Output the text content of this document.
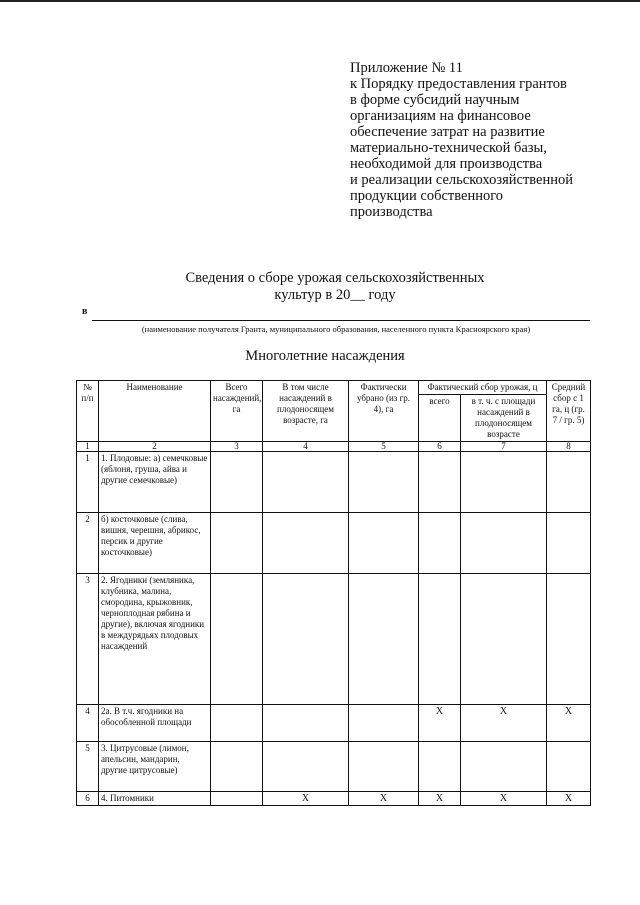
Приложение № 11
к Порядку предоставления грантов
в форме субсидий научным
организациям на финансовое
обеспечение затрат на развитие
материально-технической базы,
необходимой для производства
и реализации сельскохозяйственной
продукции собственного
производства
Сведения о сборе урожая сельскохозяйственных
культур в 20__ году
в
(наименование получателя Гранта, муниципального образования, населенного пункта Красноярского края)
Многолетние насаждения
№ п/п	Наименование	Всего насаждений, га	В том числе насаждений в плодоносящем возрасте, га	Фактически убрано (из гр. 4), га	Фактический сбор урожая, ц		Средний сбор с 1 га, ц (гр. 7 / гр. 5)
					всего	в т. ч. с площади насаждений в плодоносящем возрасте	
1	2	3	4	5	6	7	8
1	1. Плодовые: а) семечковые (яблоня, груша, айва и другие семечковые)						
2	б) косточковые (слива, вишня, черешня, абрикос, персик и другие косточковые)						
3	2. Ягодники (земляника, клубника, малина, смородина, крыжовник, черноплодная рябина и другие), включая ягодники в междурядьях плодовых насаждений						
4	2а. В т.ч. ягодники на обособленной площади				X	X	X
5	3. Цитрусовые (лимон, апельсин, мандарин, другие цитрусовые)						
6	4. Питомники		X	X	X	X	X
